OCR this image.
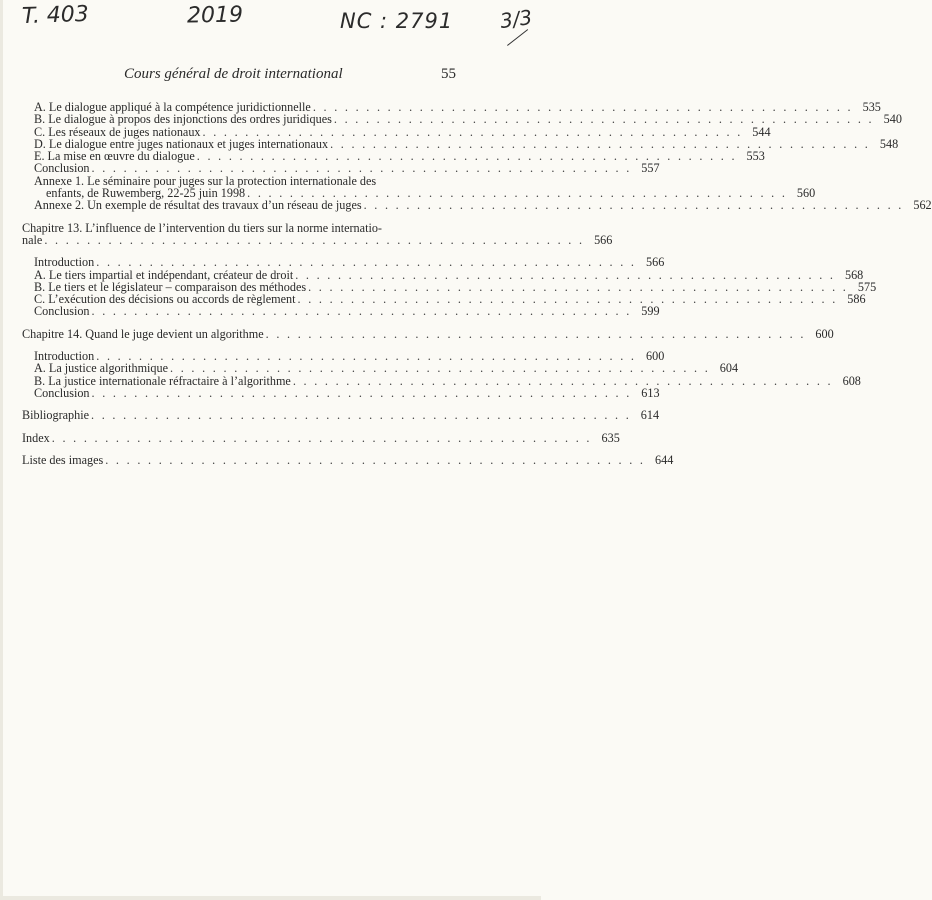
T. 403	2019	NC : 2791 3/3
Cours général de droit international	55
A. Le dialogue appliqué à la compétence juridictionnelle . . . . . . . . . . . . . . . . . . . . . . . . . . . . . . . . . . . . . . . . . . . . . . . . . . . 535
B. Le dialogue à propos des injonctions des ordres juridiques . . . . . . . . . . . . . . . . . . . . . . . . . . . . . . . . . . . . . . . . . . . . . . . . . . . 540
C. Les réseaux de juges nationaux . . . . . . . . . . . . . . . . . . . . . . . . . . . . . . . . . . . . . . . . . . . . . . . . . . . 544
D. Le dialogue entre juges nationaux et juges internationaux . . . . . . . . . . . . . . . . . . . . . . . . . . . . . . . . . . . . . . . . . . . . . . . . . . . 548
E. La mise en œuvre du dialogue . . . . . . . . . . . . . . . . . . . . . . . . . . . . . . . . . . . . . . . . . . . . . . . . . . . 553
Conclusion . . . . . . . . . . . . . . . . . . . . . . . . . . . . . . . . . . . . . . . . . . . . . . . . . . . 557
Annexe 1. Le séminaire pour juges sur la protection internationale des
enfants, de Ruwemberg, 22-25 juin 1998 . . . . . . . . . . . . . . . . . . . . . . . . . . . . . . . . . . . . . . . . . . . . . . . . . . . 560
Annexe 2. Un exemple de résultat des travaux d’un réseau de juges . . . . . . . . . . . . . . . . . . . . . . . . . . . . . . . . . . . . . . . . . . . . . . . . . . . 562
Chapitre 13. L’influence de l’intervention du tiers sur la norme internatio-
nale . . . . . . . . . . . . . . . . . . . . . . . . . . . . . . . . . . . . . . . . . . . . . . . . . . . 566
Introduction . . . . . . . . . . . . . . . . . . . . . . . . . . . . . . . . . . . . . . . . . . . . . . . . . . . 566
A. Le tiers impartial et indépendant, créateur de droit . . . . . . . . . . . . . . . . . . . . . . . . . . . . . . . . . . . . . . . . . . . . . . . . . . . 568
B. Le tiers et le législateur – comparaison des méthodes . . . . . . . . . . . . . . . . . . . . . . . . . . . . . . . . . . . . . . . . . . . . . . . . . . . 575
C. L’exécution des décisions ou accords de règlement . . . . . . . . . . . . . . . . . . . . . . . . . . . . . . . . . . . . . . . . . . . . . . . . . . . 586
Conclusion . . . . . . . . . . . . . . . . . . . . . . . . . . . . . . . . . . . . . . . . . . . . . . . . . . . 599
Chapitre 14. Quand le juge devient un algorithme . . . . . . . . . . . . . . . . . . . . . . . . . . . . . . . . . . . . . . . . . . . . . . . . . . . 600
Introduction . . . . . . . . . . . . . . . . . . . . . . . . . . . . . . . . . . . . . . . . . . . . . . . . . . . 600
A. La justice algorithmique . . . . . . . . . . . . . . . . . . . . . . . . . . . . . . . . . . . . . . . . . . . . . . . . . . . 604
B. La justice internationale réfractaire à l’algorithme . . . . . . . . . . . . . . . . . . . . . . . . . . . . . . . . . . . . . . . . . . . . . . . . . . . 608
Conclusion . . . . . . . . . . . . . . . . . . . . . . . . . . . . . . . . . . . . . . . . . . . . . . . . . . . 613
Bibliographie . . . . . . . . . . . . . . . . . . . . . . . . . . . . . . . . . . . . . . . . . . . . . . . . . . . 614
Index . . . . . . . . . . . . . . . . . . . . . . . . . . . . . . . . . . . . . . . . . . . . . . . . . . . 635
Liste des images . . . . . . . . . . . . . . . . . . . . . . . . . . . . . . . . . . . . . . . . . . . . . . . . . . . 644
